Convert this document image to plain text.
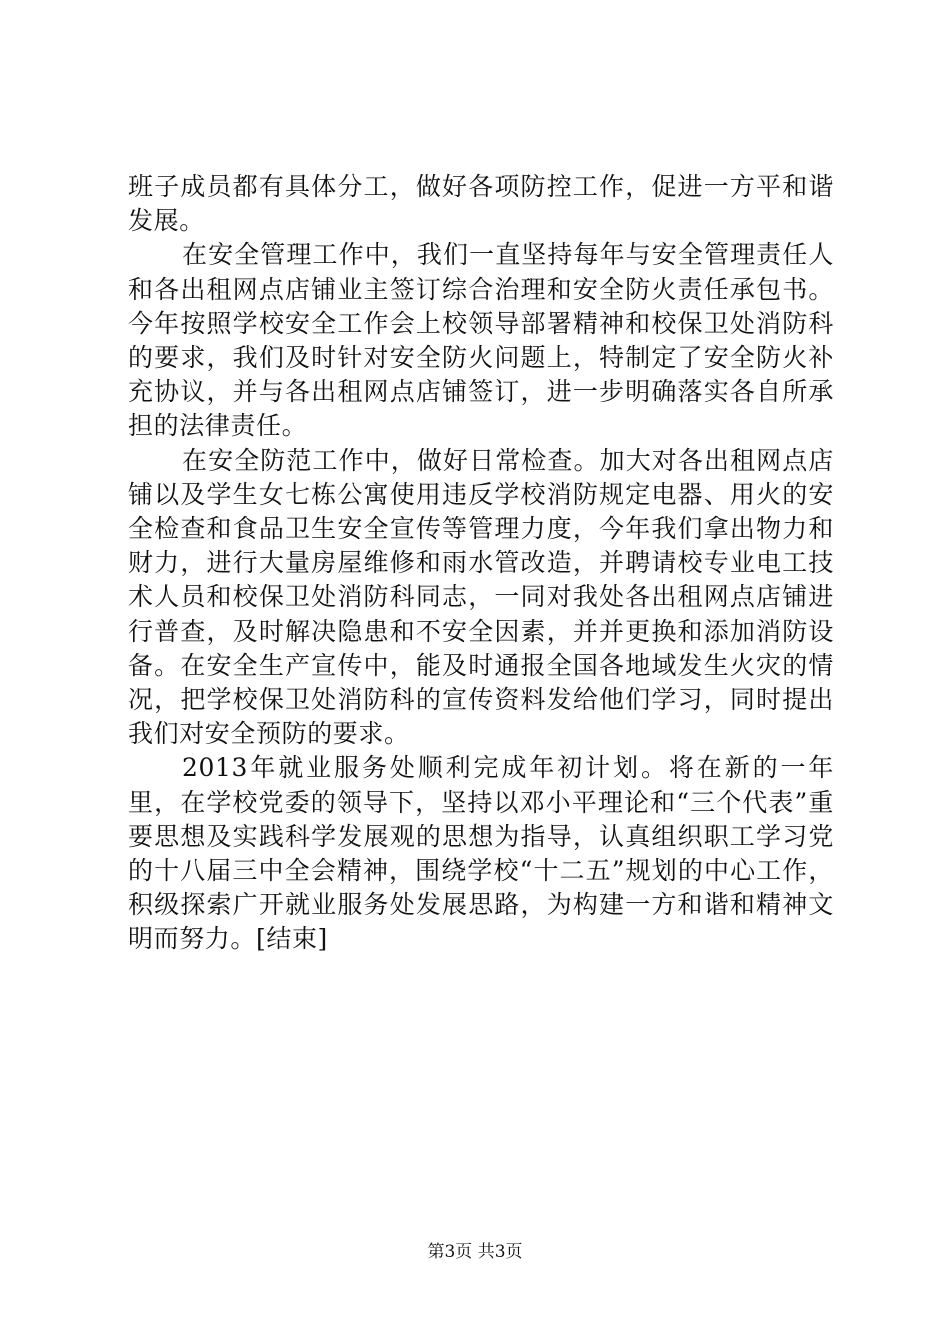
班子成员都有具体分工，做好各项防控工作，促进一方平和谐发展。

在安全管理工作中，我们一直坚持每年与安全管理责任人和各出租网点店铺业主签订综合治理和安全防火责任承包书。今年按照学校安全工作会上校领导部署精神和校保卫处消防科的要求，我们及时针对安全防火问题上，特制定了安全防火补充协议，并与各出租网点店铺签订，进一步明确落实各自所承担的法律责任。

在安全防范工作中，做好日常检查。加大对各出租网点店铺以及学生女七栋公寓使用违反学校消防规定电器、用火的安全检查和食品卫生安全宣传等管理力度，今年我们拿出物力和财力，进行大量房屋维修和雨水管改造，并聘请校专业电工技术人员和校保卫处消防科同志，一同对我处各出租网点店铺进行普查，及时解决隐患和不安全因素，并并更换和添加消防设备。在安全生产宣传中，能及时通报全国各地域发生火灾的情况，把学校保卫处消防科的宣传资料发给他们学习，同时提出我们对安全预防的要求。

2013年就业服务处顺利完成年初计划。将在新的一年里，在学校党委的领导下，坚持以邓小平理论和“三个代表”重要思想及实践科学发展观的思想为指导，认真组织职工学习党的十八届三中全会精神，围绕学校“十二五”规划的中心工作，积级探索广开就业服务处发展思路，为构建一方和谐和精神文明而努力。[结束]

第3页 共3页
